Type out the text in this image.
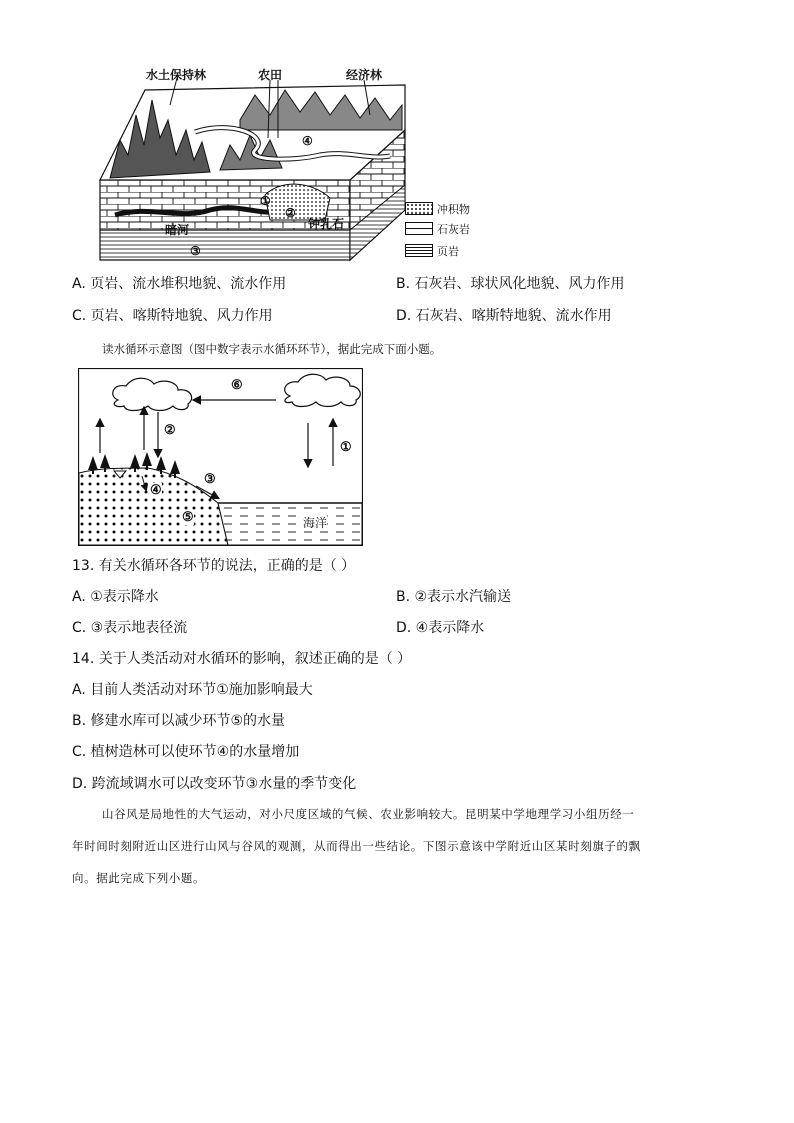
水土保持林	农田	经济林
④
①
②
钟乳石
暗河
③
冲积物
石灰岩
页岩
A. 页岩、流水堆积地貌、流水作用	B. 石灰岩、球状风化地貌、风力作用
C. 页岩、喀斯特地貌、风力作用	D. 石灰岩、喀斯特地貌、流水作用
读水循环示意图（图中数字表示水循环环节），据此完成下面小题。
⑥
②
①
③
④
⑤	海洋
13. 有关水循环各环节的说法，正确的是（ ）
A. ①表示降水	B. ②表示水汽输送
C. ③表示地表径流	D. ④表示降水
14. 关于人类活动对水循环的影响，叙述正确的是（ ）
A. 目前人类活动对环节①施加影响最大
B. 修建水库可以减少环节⑤的水量
C. 植树造林可以使环节④的水量增加
D. 跨流域调水可以改变环节③水量的季节变化
山谷风是局地性的大气运动，对小尺度区域的气候、农业影响较大。昆明某中学地理学习小组历经一
年时间时刻附近山区进行山风与谷风的观测，从而得出一些结论。下图示意该中学附近山区某时刻旗子的飘
向。据此完成下列小题。
